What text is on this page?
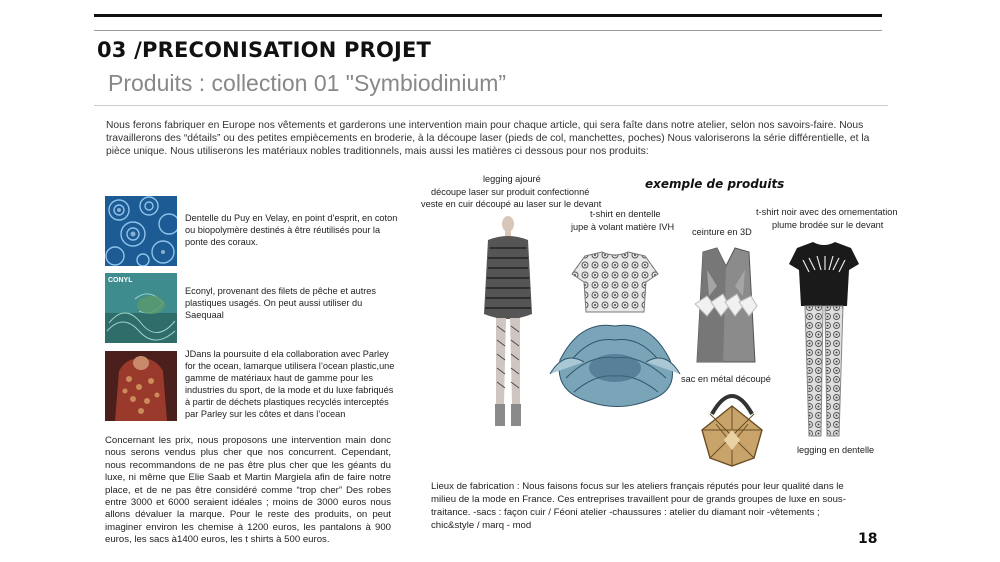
03 /PRECONISATION PROJET
Produits : collection 01 "Symbiodinium”

Nous ferons fabriquer en Europe nos vêtements et garderons une intervention main pour chaque article, qui sera faîte dans notre atelier, selon nos savoirs-faire. Nous travaillerons des “détails” ou des petites empiècements en broderie, à la découpe laser (pieds de col, manchettes, poches) Nous valoriserons la série différentielle, et la pièce unique. Nous utiliserons les matériaux nobles traditionnels, mais aussi les matières ci dessous pour nos produits:

Dentelle du Puy en Velay, en point d’esprit, en coton ou biopolymère destinés à être réutilisés pour la ponte des coraux.
CONYL
Econyl, provenant des filets de pêche et autres plastiques usagés. On peut aussi utiliser du Saequaal
JDans la poursuite d ela collaboration avec Parley for the ocean, lamarque utilisera l’ocean plastic,une gamme de matériaux haut de gamme pour les industries du sport, de la mode et du luxe fabriqués à partir de déchets plastiques recyclés interceptés par Parley sur les côtes et dans l’ocean

Concernant les prix, nous proposons une intervention main donc nous serons vendus plus cher que nos concurrent. Cependant, nous recommandons de ne pas être plus cher que les géants du luxe, ni même que Elie Saab et Martin Margiela afin de faire notre place, et de ne pas être considéré comme “trop cher” Des robes entre 3000 et 6000 seraient idéales ; moins de 3000 euros nous allons dévaluer la marque. Pour le reste des produits, on peut imaginer environ les chemise à 1200 euros, les pantalons à 900 euros, les sacs à1400 euros, les t shirts à 500 euros.

legging ajouré
découpe laser sur produit confectionné
veste en cuir découpé au laser sur le devant
exemple de produits
t-shirt en dentelle
jupe à volant matière IVH ceinture en 3D
t-shirt noir avec des ornementation
plume brodée sur le devant
sac en métal découpé
legging en dentelle

Lieux de fabrication : Nous faisons focus sur les ateliers français réputés pour leur qualité dans le milieu de la mode en France. Ces entreprises travaillent pour de grands groupes de luxe en sous-traitance. -sacs : façon cuir / Féoni atelier -chaussures : atelier du diamant noir -vêtements ; chic&style / marq - mod

18
